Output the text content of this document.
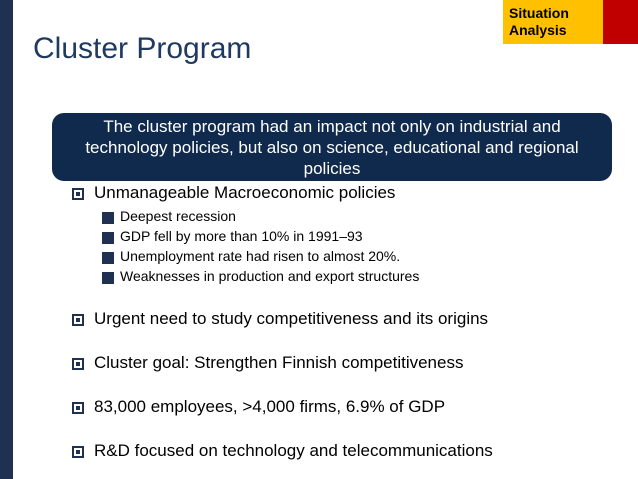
Situation
Analysis
Cluster Program
The cluster program had an impact not only on industrial and technology policies, but also on science, educational and regional policies
Unmanageable Macroeconomic policies
Deepest recession
GDP fell by more than 10% in 1991–93
Unemployment rate had risen to almost 20%.
Weaknesses in production and export structures
Urgent need to study competitiveness and its origins
Cluster goal: Strengthen Finnish competitiveness
83,000 employees, >4,000 firms, 6.9% of GDP
R&D focused on technology and telecommunications
